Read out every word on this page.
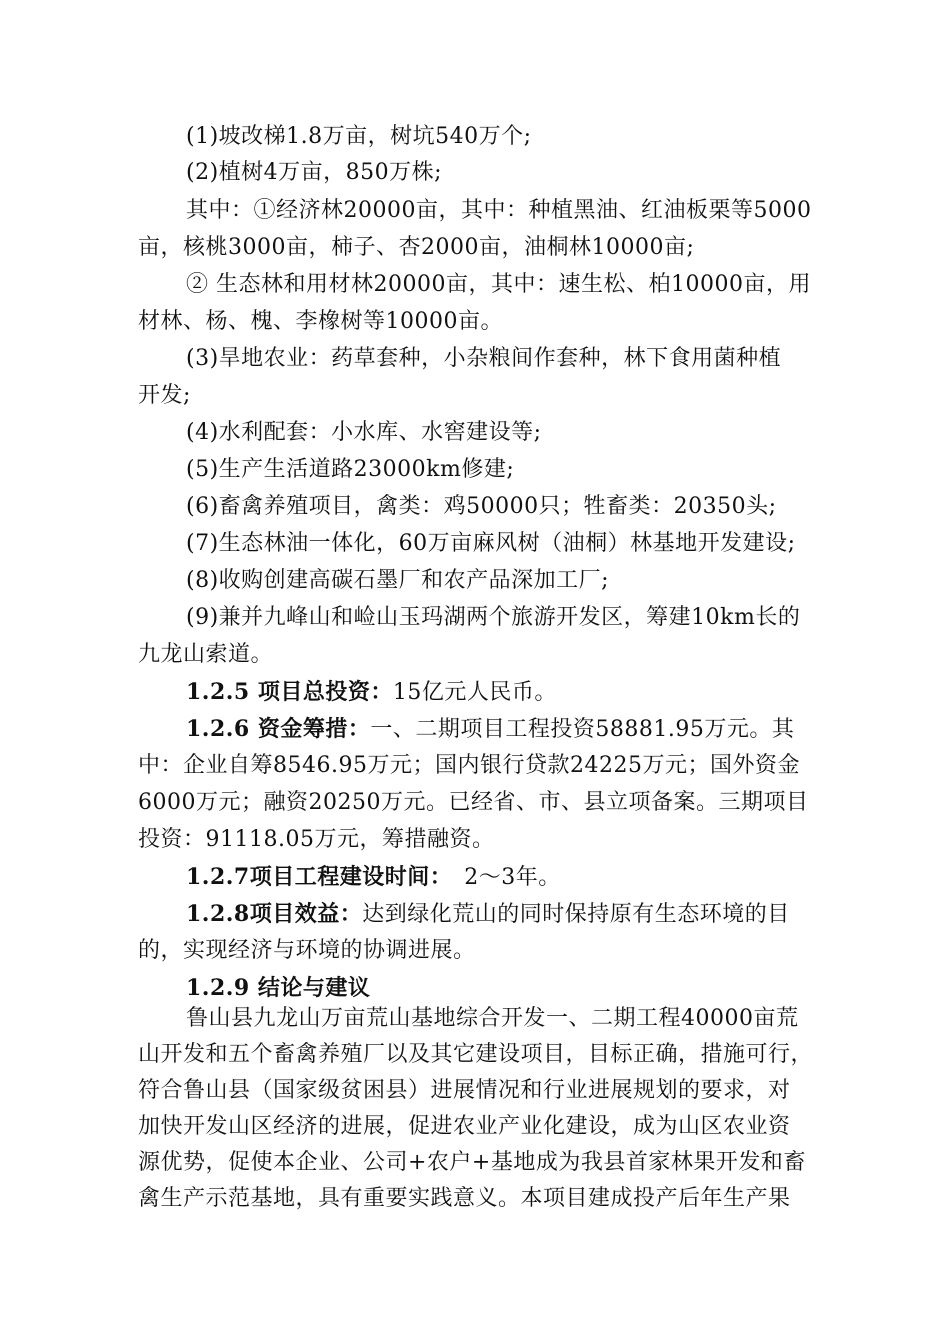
(1)坡改梯1.8万亩，树坑540万个;
(2)植树4万亩，850万株;
其中：①经济林20000亩，其中：种植黑油、红油板栗等5000
亩，核桃3000亩，柿子、杏2000亩，油桐林10000亩;
② 生态林和用材林20000亩，其中：速生松、柏10000亩，用
材林、杨、槐、李橡树等10000亩。
(3)旱地农业：药草套种，小杂粮间作套种，林下食用菌种植
开发;
(4)水利配套：小水库、水窖建设等;
(5)生产生活道路23000km修建;
(6)畜禽养殖项目，禽类：鸡50000只；牲畜类：20350头;
(7)生态林油一体化，60万亩麻风树（油桐）林基地开发建设;
(8)收购创建高碳石墨厂和农产品深加工厂;
(9)兼并九峰山和崄山玉玛湖两个旅游开发区，筹建10km长的
九龙山索道。
1.2.5 项目总投资：15亿元人民币。
1.2.6 资金筹措：一、二期项目工程投资58881.95万元。其
中：企业自筹8546.95万元；国内银行贷款24225万元；国外资金
6000万元；融资20250万元。已经省、市、县立项备案。三期项目
投资：91118.05万元，筹措融资。
1.2.7项目工程建设时间： 2～3年。
1.2.8项目效益：达到绿化荒山的同时保持原有生态环境的目
的，实现经济与环境的协调进展。
1.2.9 结论与建议
鲁山县九龙山万亩荒山基地综合开发一、二期工程40000亩荒
山开发和五个畜禽养殖厂以及其它建设项目，目标正确，措施可行，
符合鲁山县（国家级贫困县）进展情况和行业进展规划的要求，对
加快开发山区经济的进展，促进农业产业化建设，成为山区农业资
源优势，促使本企业、公司+农户+基地成为我县首家林果开发和畜
禽生产示范基地，具有重要实践意义。本项目建成投产后年生产果
